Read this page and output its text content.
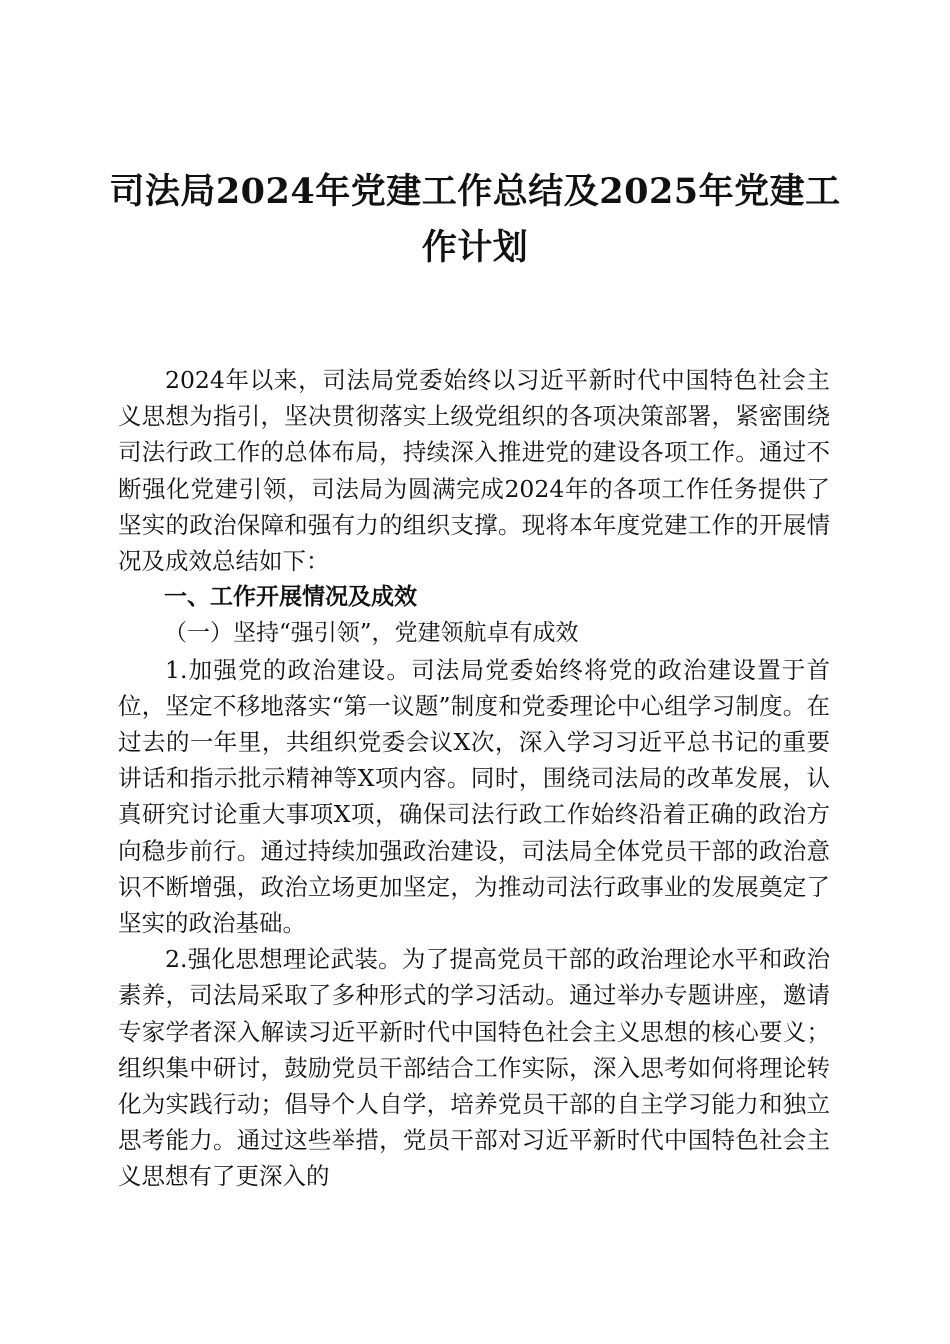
司法局2024年党建工作总结及2025年党建工
作计划

2024年以来，司法局党委始终以习近平新时代中国特色社会主义思想为指引，坚决贯彻落实上级党组织的各项决策部署，紧密围绕司法行政工作的总体布局，持续深入推进党的建设各项工作。通过不断强化党建引领，司法局为圆满完成2024年的各项工作任务提供了坚实的政治保障和强有力的组织支撑。现将本年度党建工作的开展情况及成效总结如下：

一、工作开展情况及成效

（一）坚持“强引领”，党建领航卓有成效

1.加强党的政治建设。司法局党委始终将党的政治建设置于首位，坚定不移地落实“第一议题”制度和党委理论中心组学习制度。在过去的一年里，共组织党委会议X次，深入学习习近平总书记的重要讲话和指示批示精神等X项内容。同时，围绕司法局的改革发展，认真研究讨论重大事项X项，确保司法行政工作始终沿着正确的政治方向稳步前行。通过持续加强政治建设，司法局全体党员干部的政治意识不断增强，政治立场更加坚定，为推动司法行政事业的发展奠定了坚实的政治基础。

2.强化思想理论武装。为了提高党员干部的政治理论水平和政治素养，司法局采取了多种形式的学习活动。通过举办专题讲座，邀请专家学者深入解读习近平新时代中国特色社会主义思想的核心要义；组织集中研讨，鼓励党员干部结合工作实际，深入思考如何将理论转化为实践行动；倡导个人自学，培养党员干部的自主学习能力和独立思考能力。通过这些举措，党员干部对习近平新时代中国特色社会主义思想有了更深入的
